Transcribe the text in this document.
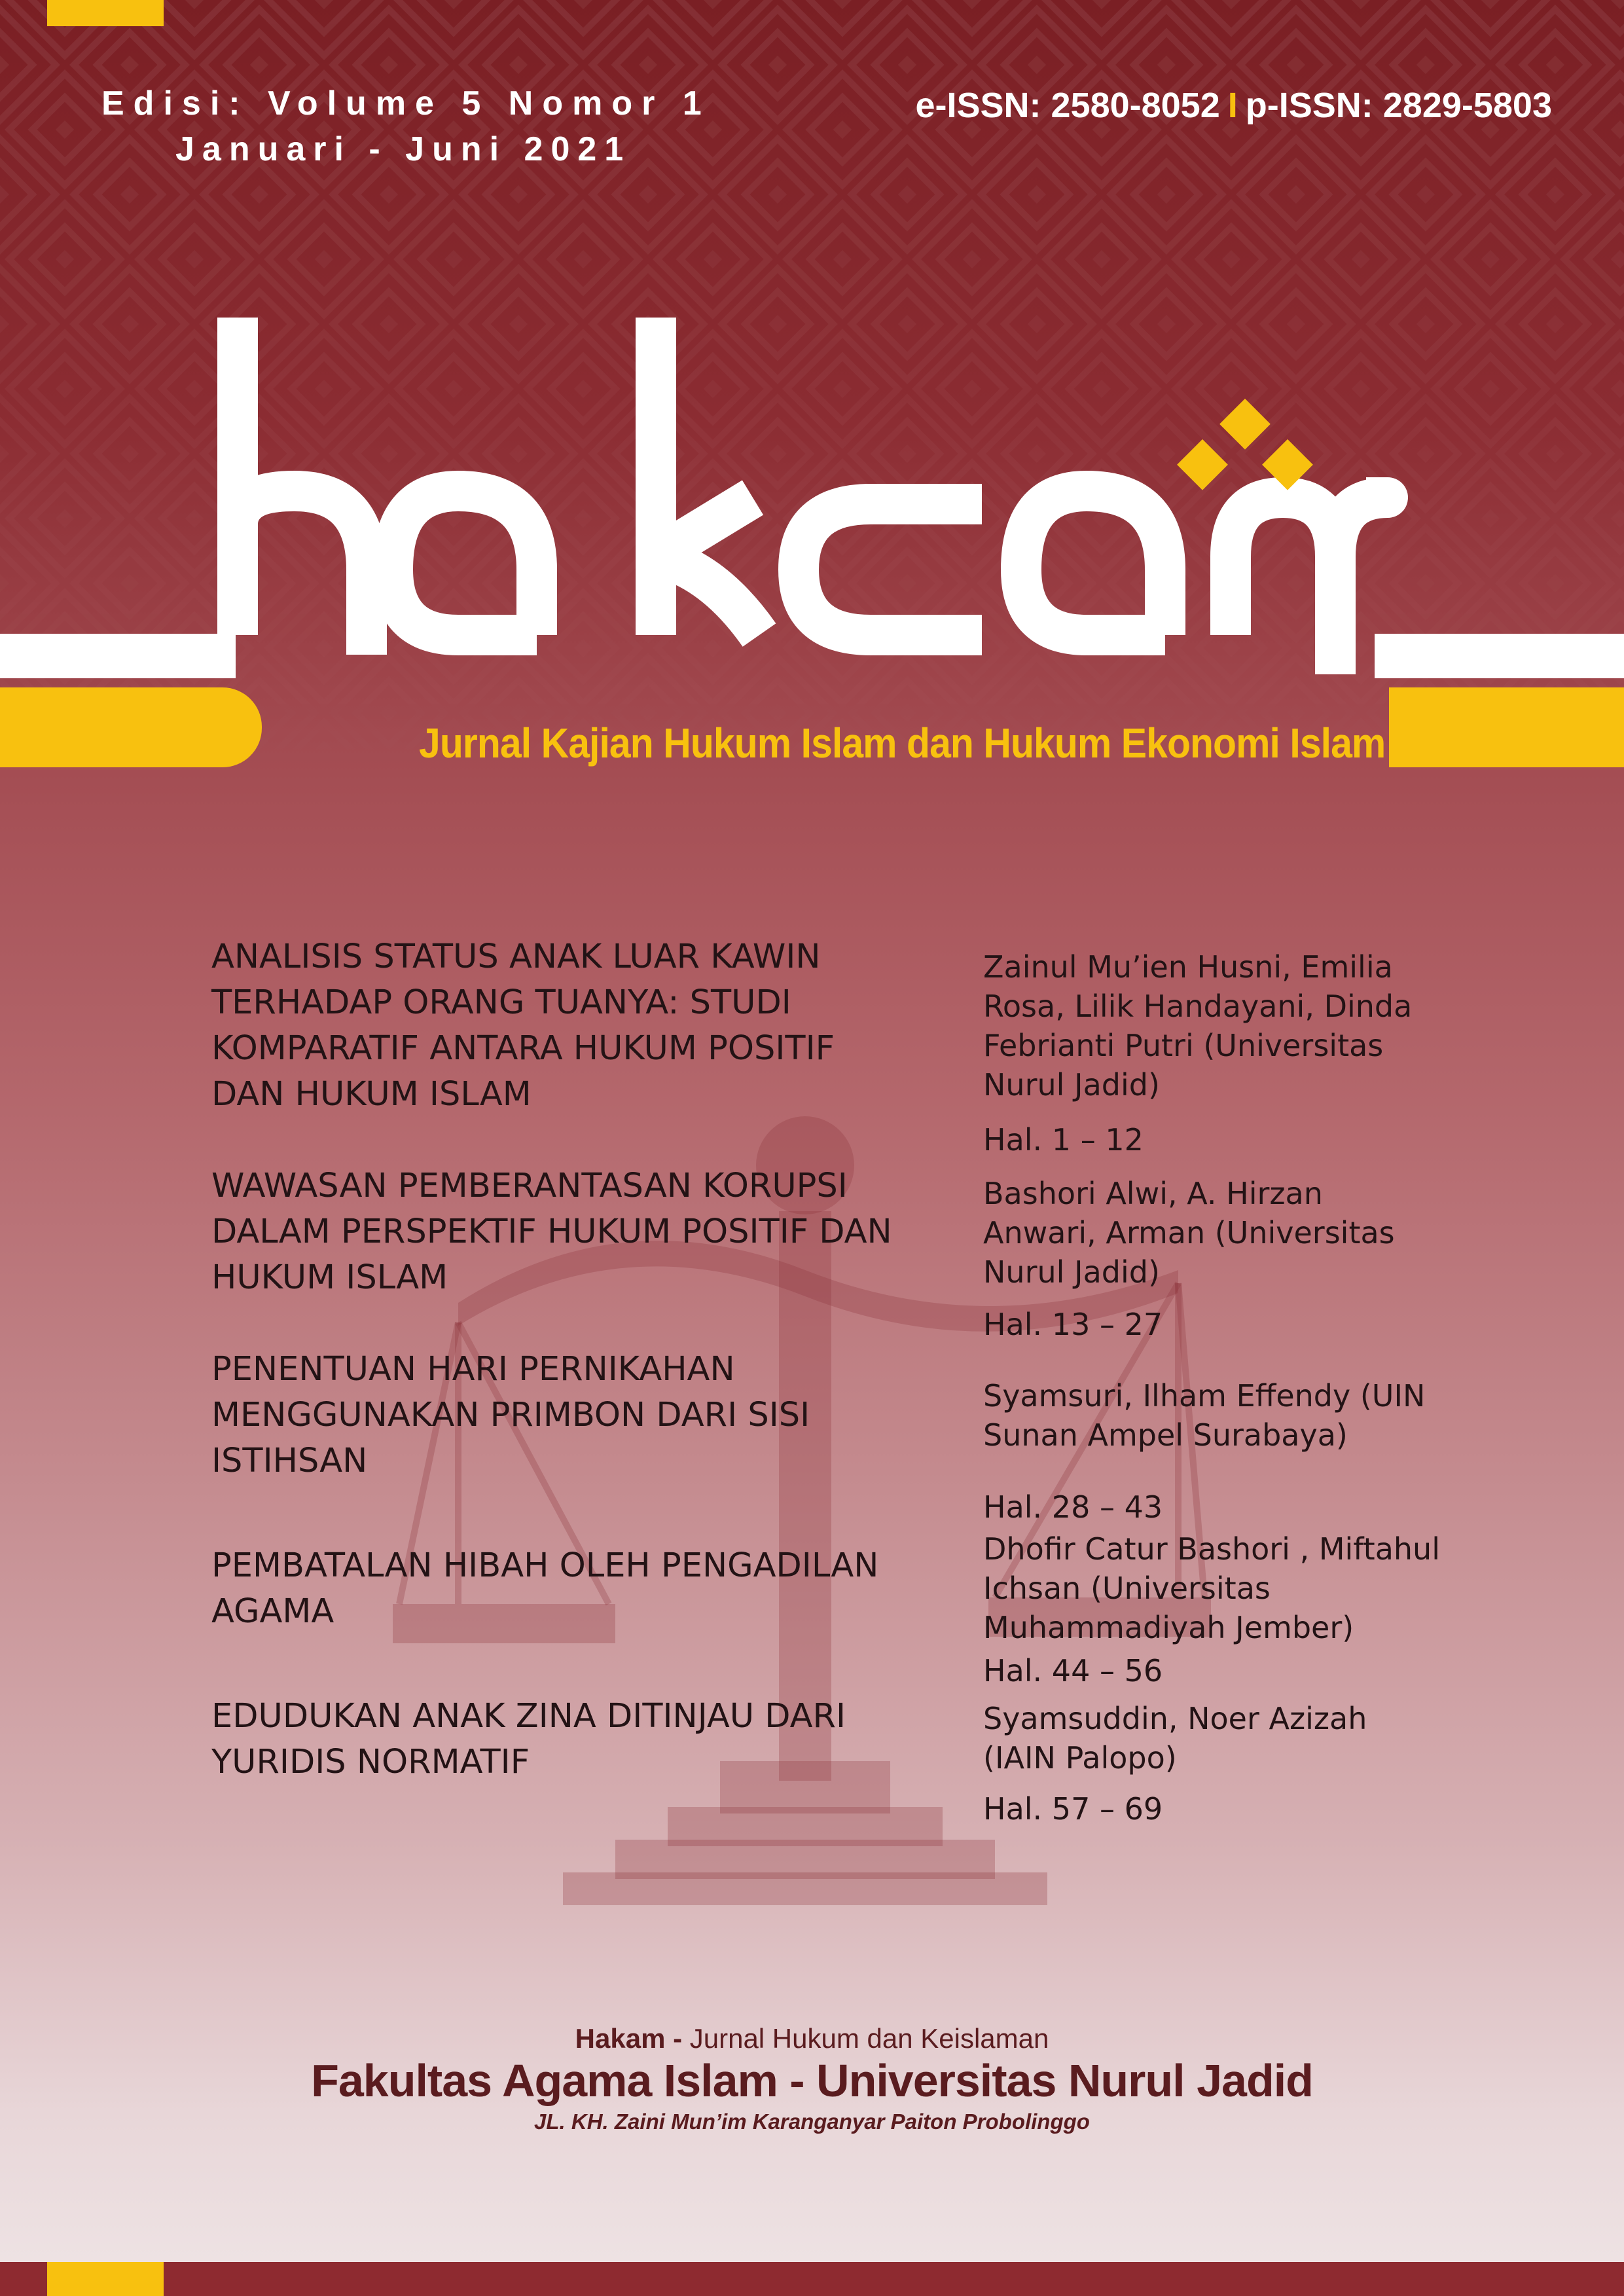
Edisi: Volume 5 Nomor 1
Januari - Juni 2021
e-ISSN: 2580-8052 I p-ISSN: 2829-5803
Jurnal Kajian Hukum Islam dan Hukum Ekonomi Islam
ANALISIS STATUS ANAK LUAR KAWIN
TERHADAP ORANG TUANYA: STUDI
KOMPARATIF ANTARA HUKUM POSITIF
DAN HUKUM ISLAM
Zainul Mu’ien Husni, Emilia
Rosa, Lilik Handayani, Dinda
Febrianti Putri (Universitas
Nurul Jadid)
Hal. 1 – 12
WAWASAN PEMBERANTASAN KORUPSI
DALAM PERSPEKTIF HUKUM POSITIF DAN
HUKUM ISLAM
Bashori Alwi, A. Hirzan
Anwari, Arman (Universitas
Nurul Jadid)
Hal. 13 – 27
PENENTUAN HARI PERNIKAHAN
MENGGUNAKAN PRIMBON DARI SISI
ISTIHSAN
Syamsuri, Ilham Effendy (UIN
Sunan Ampel Surabaya)
Hal. 28 – 43
PEMBATALAN HIBAH OLEH PENGADILAN
AGAMA
Dhofir Catur Bashori , Miftahul
Ichsan (Universitas
Muhammadiyah Jember)
Hal. 44 – 56
EDUDUKAN ANAK ZINA DITINJAU DARI
YURIDIS NORMATIF
Syamsuddin, Noer Azizah
(IAIN Palopo)
Hal. 57 – 69
Hakam - Jurnal Hukum dan Keislaman
Fakultas Agama Islam - Universitas Nurul Jadid
JL. KH. Zaini Mun’im Karanganyar Paiton Probolinggo
